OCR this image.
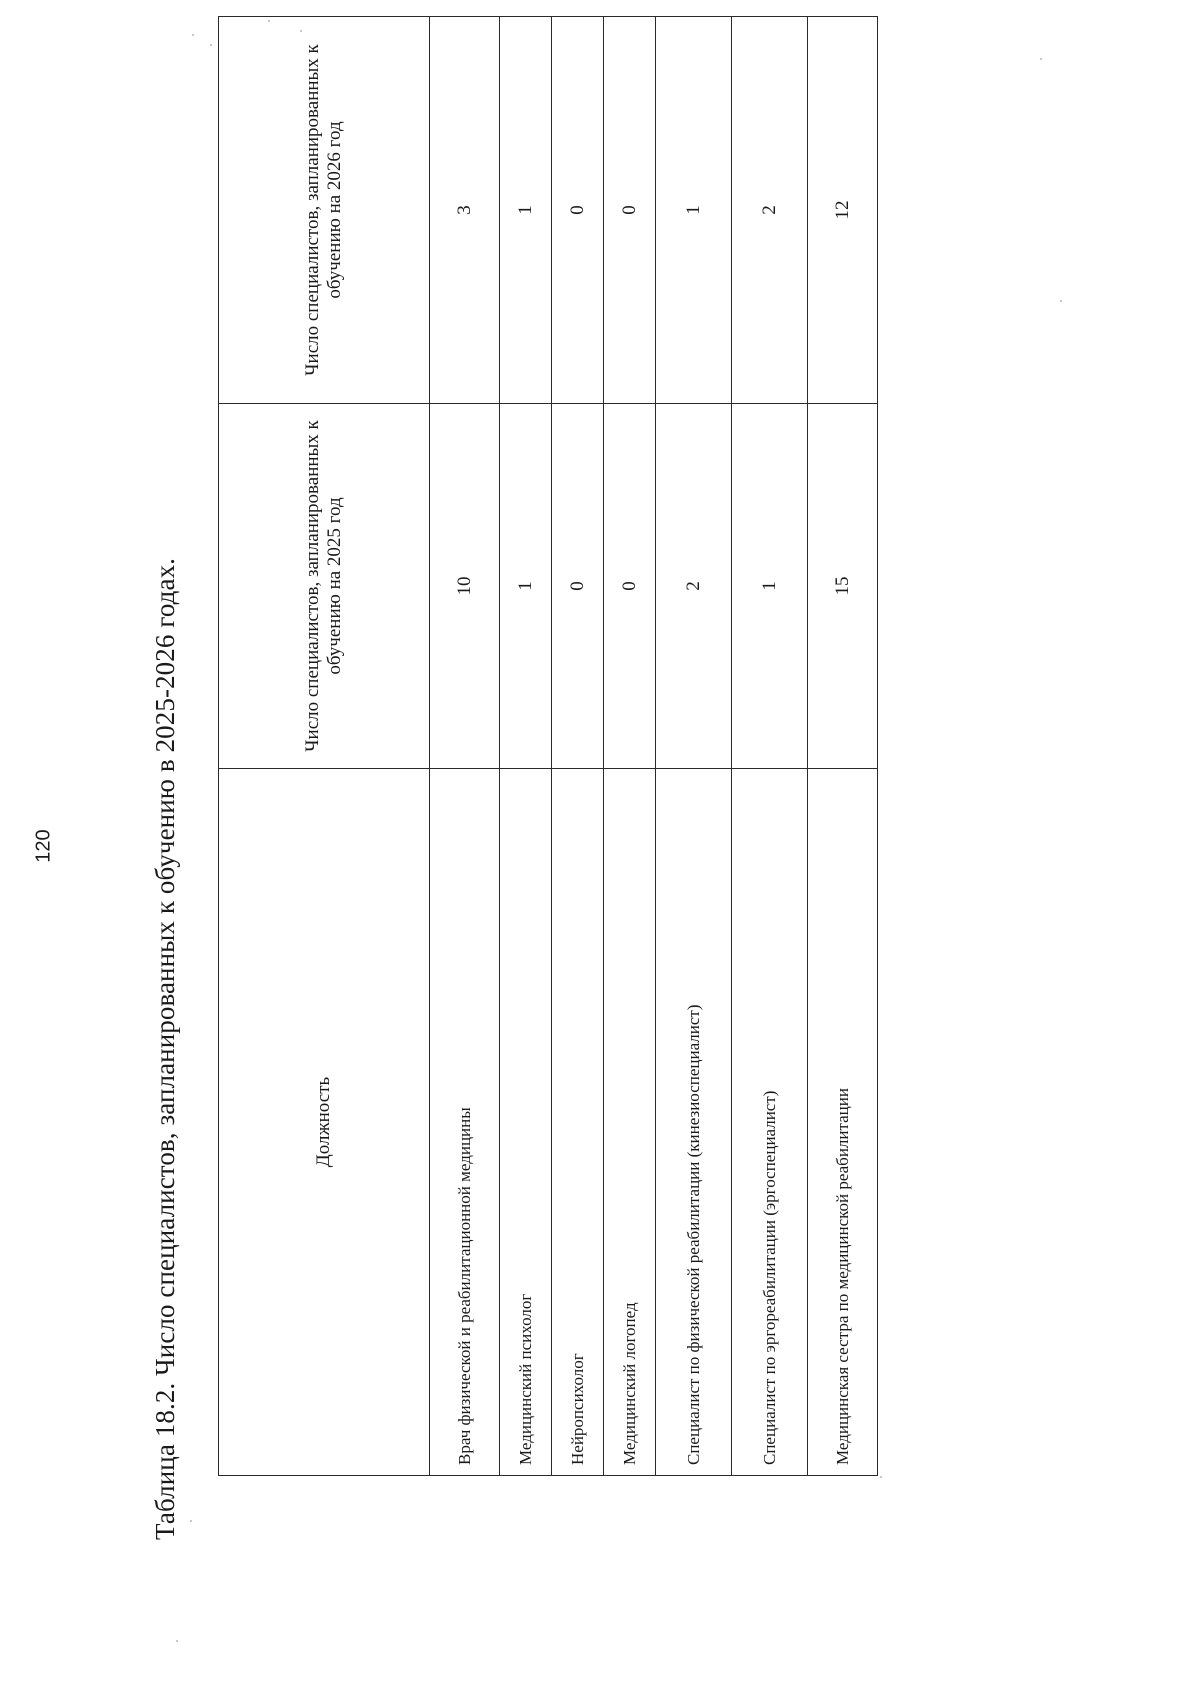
120	Таблица 18.2. Число специалистов, запланированных к обучению в 2025-2026 годах.	Должность	Число специалистов, запланированных к обучению на 2025 год	Число специалистов, запланированных к обучению на 2026 год
Врач физической и реабилитационной медицины	10	3
Медицинский психолог	1	1
Нейропсихолог	0	0
Медицинский логопед	0	0
Специалист по физической реабилитации (кинезиоспециалист)	2	1
Специалист по эргореабилитации (эргоспециалист)	1	2
Медицинская сестра по медицинской реабилитации	15	12
